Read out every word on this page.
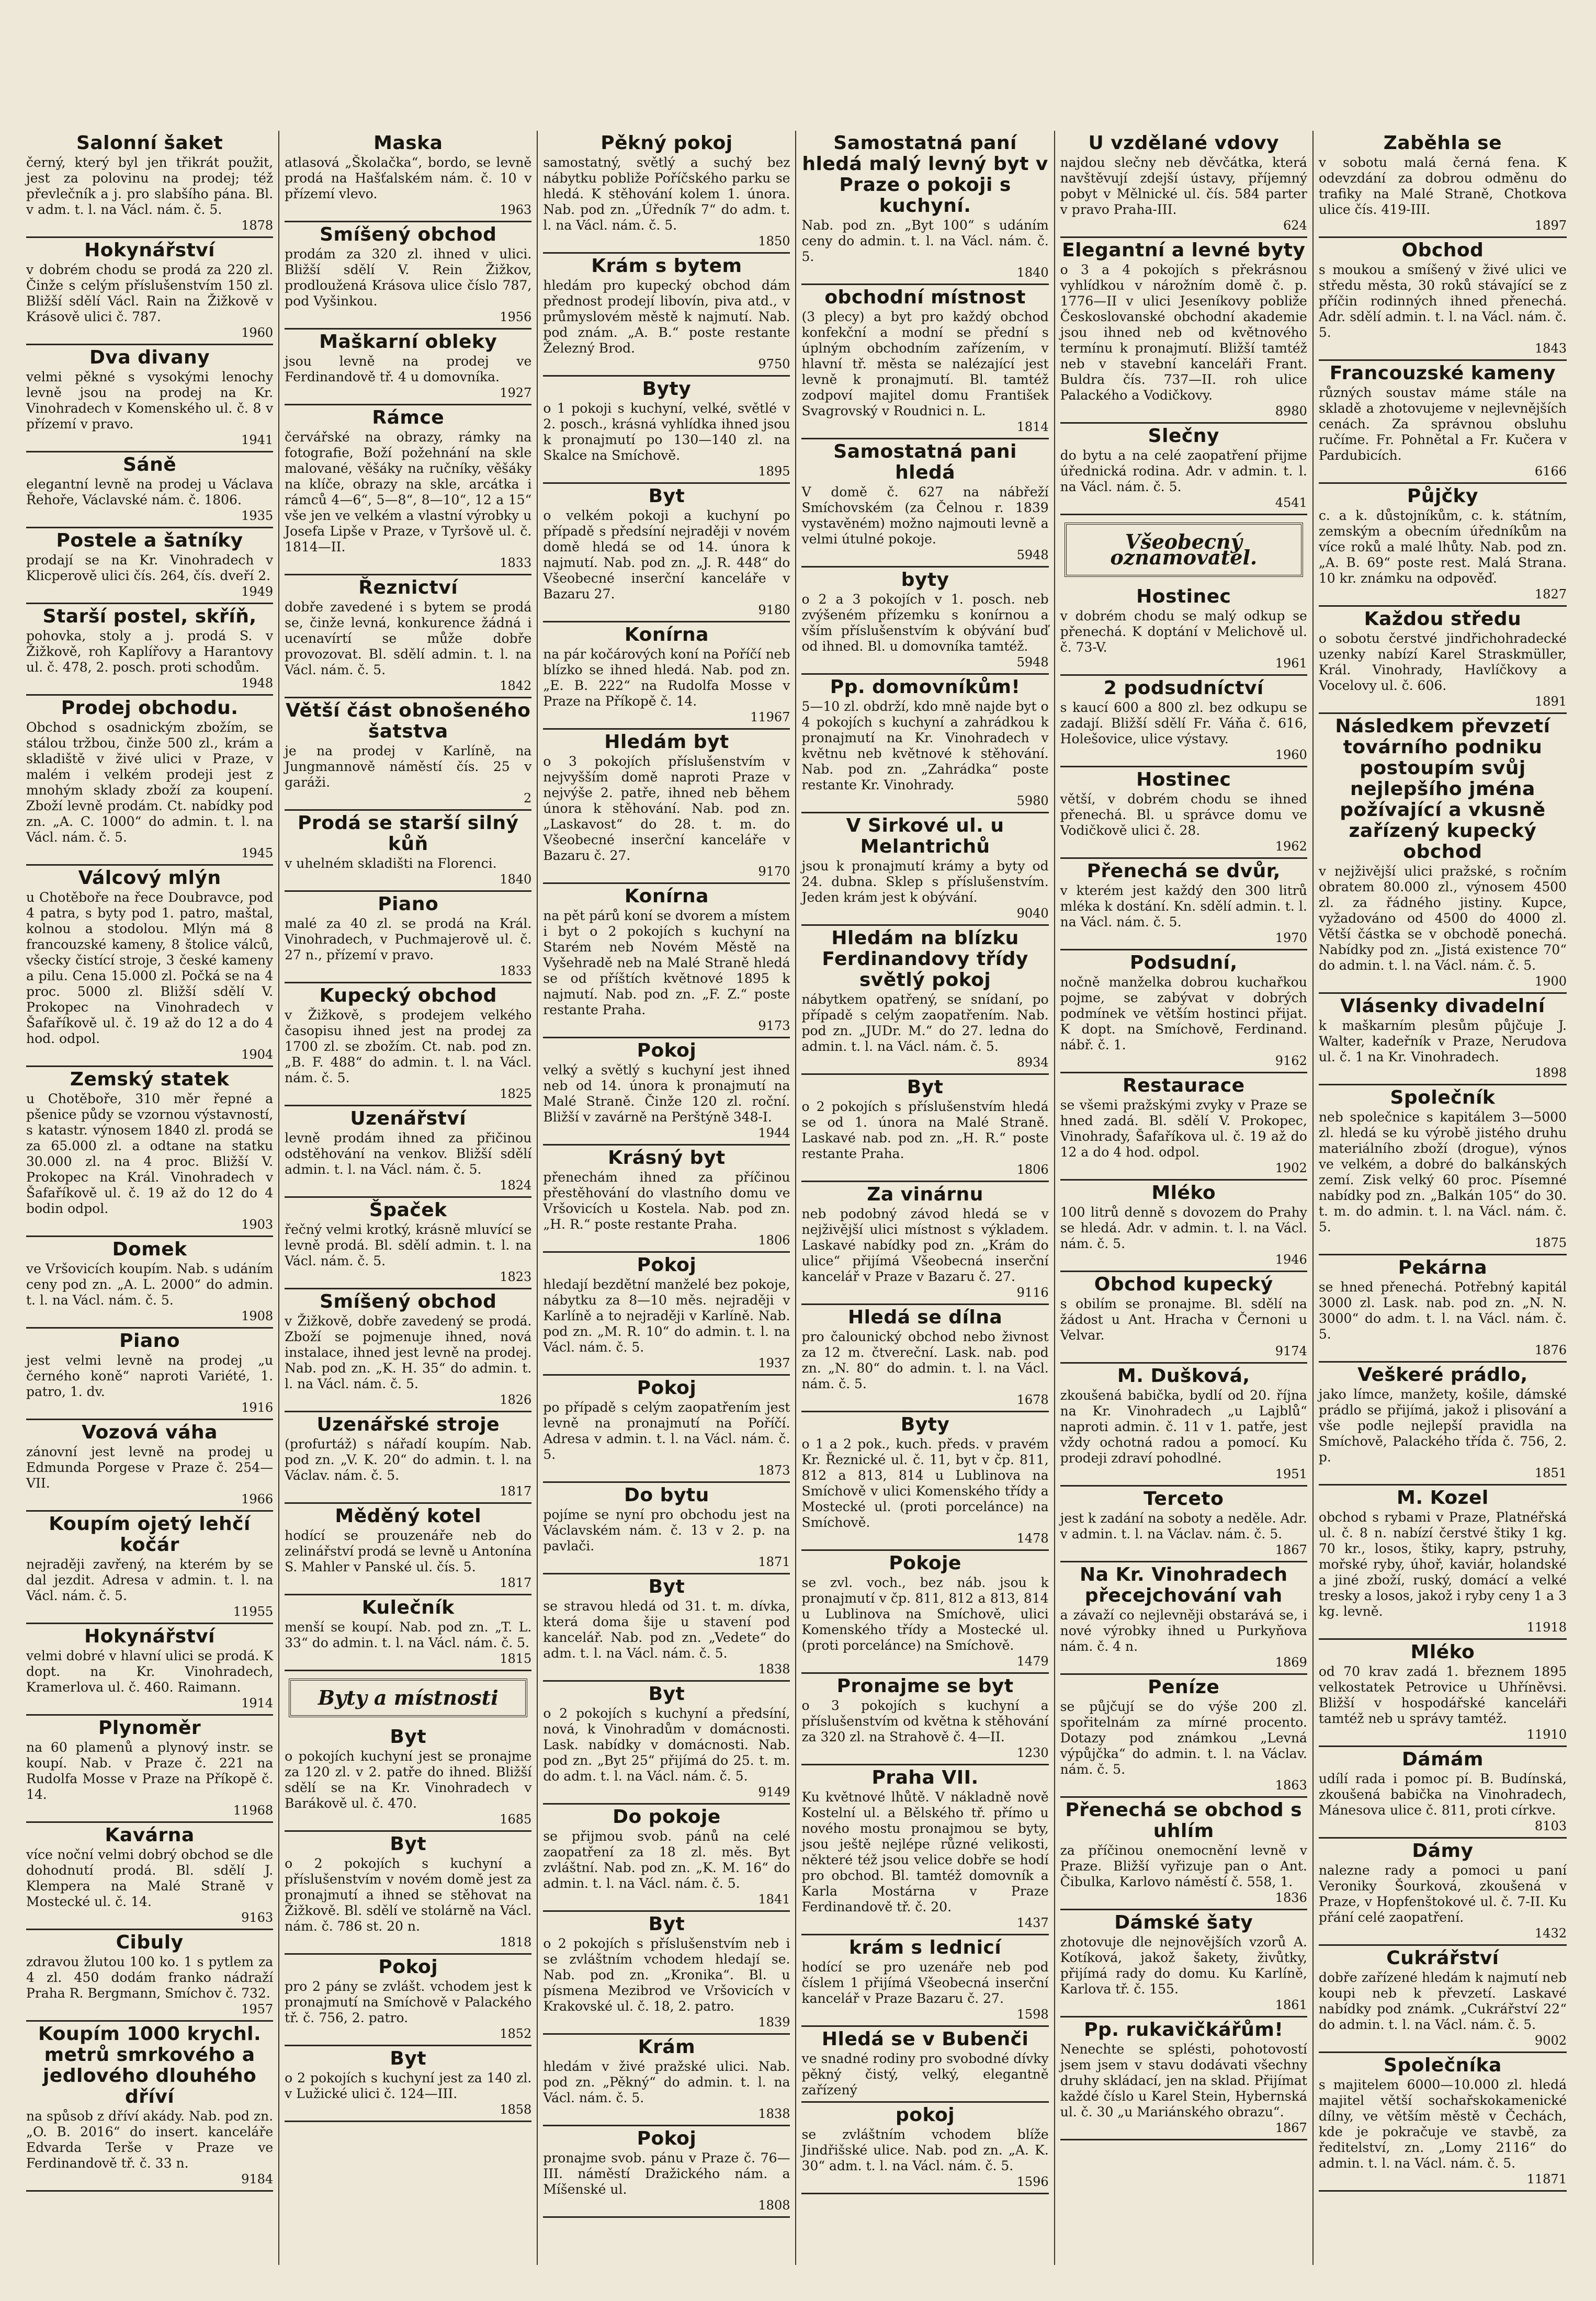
Salonní šaket

černý, který byl jen třikrát použit, jest za polovinu na prodej; též převlečník a j. pro slabšího pána. Bl. v adm. t. l. na Václ. nám. č. 5.

1878
Hokynářství

v dobrém chodu se prodá za 220 zl. Činže s celým příslušenstvím 150 zl. Bližší sdělí Václ. Rain na Žižkově v Krásově ulici č. 787.

1960
Dva divany

velmi pěkné s vysokými lenochy levně jsou na prodej na Kr. Vinohradech v Komenského ul. č. 8 v přízemí v pravo.

1941
Sáně

elegantní levně na prodej u Václava Řehoře, Václavské nám. č. 1806.

1935
Postele a šatníky

prodají se na Kr. Vinohradech v Klicperově ulici čís. 264, čís. dveří 2.

1949
Starší postel, skříň,

pohovka, stoly a j. prodá S. v Žižkově, roh Kaplířovy a Harantovy ul. č. 478, 2. posch. proti schodům.

1948
Prodej obchodu.

Obchod s osadnickým zbožím, se stálou tržbou, činže 500 zl., krám a skladiště v živé ulici v Praze, v malém i velkém prodeji jest z mnohým sklady zboží za koupení. Zboží levně prodám. Ct. nabídky pod zn. „A. C. 1000“ do admin. t. l. na Václ. nám. č. 5.

1945
Válcový mlýn

u Chotěboře na řece Doubravce, pod 4 patra, s byty pod 1. patro, maštal, kolnou a stodolou. Mlýn má 8 francouzské kameny, 8 štolice válců, všecky čistící stroje, 3 české kameny a pilu. Cena 15.000 zl. Počká se na 4 proc. 5000 zl. Bližší sdělí V. Prokopec na Vinohradech v Šafaříkově ul. č. 19 až do 12 a do 4 hod. odpol.

1904
Zemský statek

u Chotěboře, 310 měr řepné a pšenice půdy se vzornou výstavností, s katastr. výnosem 1840 zl. prodá se za 65.000 zl. a odtane na statku 30.000 zl. na 4 proc. Bližší V. Prokopec na Král. Vinohradech v Šafaříkově ul. č. 19 až do 12 do 4 bodin odpol.

1903
Domek

ve Vršovicích koupím. Nab. s udáním ceny pod zn. „A. L. 2000“ do admin. t. l. na Václ. nám. č. 5.

1908
Piano

jest velmi levně na prodej „u černého koně“ naproti Variété, 1. patro, 1. dv.

1916
Vozová váha

zánovní jest levně na prodej u Edmunda Porgese v Praze č. 254—VII.

1966
Koupím ojetý lehčí kočár

nejraději zavřený, na kterém by se dal jezdit. Adresa v admin. t. l. na Václ. nám. č. 5.

11955
Hokynářství

velmi dobré v hlavní ulici se prodá. K dopt. na Kr. Vinohradech, Kramerlova ul. č. 460. Raimann.

1914
Plynoměr

na 60 plamenů a plynový instr. se koupí. Nab. v Praze č. 221 na Rudolfa Mosse v Praze na Příkopě č. 14.

11968
Kavárna

více noční velmi dobrý obchod se dle dohodnutí prodá. Bl. sdělí J. Klempera na Malé Straně v Mostecké ul. č. 14.

9163
Cibuly

zdravou žlutou 100 ko. 1 s pytlem za 4 zl. 450 dodám franko nádraží Praha R. Bergmann, Smíchov č. 732.

1957
Koupím 1000 krychl. metrů smrkového a jedlového dlouhého dříví

na spůsob z dříví akády. Nab. pod zn. „O. B. 2016“ do insert. kanceláře Edvarda Terše v Praze ve Ferdinandově tř. č. 33 n.

9184
Maska

atlasová „Školačka“, bordo, se levně prodá na Hašťalském nám. č. 10 v přízemí vlevo.

1963
Smíšený obchod

prodám za 320 zl. ihned v ulici. Bližší sdělí V. Rein Žižkov, prodloužená Krásova ulice číslo 787, pod Vyšinkou.

1956
Maškarní obleky

jsou levně na prodej ve Ferdinandově tř. 4 u domovníka.

1927
Rámce

červářské na obrazy, rámky na fotografie, Boží požehnání na skle malované, věšáky na ručníky, věšáky na klíče, obrazy na skle, arcátka i rámců 4—6“, 5—8“, 8—10“, 12 a 15“ vše jen ve velkém a vlastní výrobky u Josefa Lipše v Praze, v Tyršově ul. č. 1814—II.

1833
Řeznictví

dobře zavedené i s bytem se prodá se, činže levná, konkurence žádná i ucenavírtí se může dobře provozovat. Bl. sdělí admin. t. l. na Václ. nám. č. 5.

1842
Větší část obnošeného šatstva

je na prodej v Karlíně, na Jungmannově náměstí čís. 25 v garáži.

2
Prodá se starší silný kůň

v uhelném skladišti na Florenci.

1840
Piano

malé za 40 zl. se prodá na Král. Vinohradech, v Puchmajerově ul. č. 27 n., přízemí v pravo.

1833
Kupecký obchod

v Žižkově, s prodejem velkého časopisu ihned jest na prodej za 1700 zl. se zbožím. Ct. nab. pod zn. „B. F. 488“ do admin. t. l. na Václ. nám. č. 5.

1825
Uzenářství

levně prodám ihned za přičinou odstěhování na venkov. Bližší sdělí admin. t. l. na Václ. nám. č. 5.

1824
Špaček

řečný velmi krotký, krásně mluvící se levně prodá. Bl. sdělí admin. t. l. na Václ. nám. č. 5.

1823
Smíšený obchod

v Žižkově, dobře zavedený se prodá. Zboží se pojmenuje ihned, nová instalace, ihned jest levně na prodej. Nab. pod zn. „K. H. 35“ do admin. t. l. na Václ. nám. č. 5.

1826
Uzenářské stroje

(profurtáž) s nářadí koupím. Nab. pod zn. „V. K. 20“ do admin. t. l. na Václav. nám. č. 5.

1817
Měděný kotel

hodící se prouzenáře neb do zelinářství prodá se levně u Antonína S. Mahler v Panské ul. čís. 5.

1817
Kulečník

menší se koupí. Nab. pod zn. „T. L. 33“ do admin. t. l. na Václ. nám. č. 5.

1815
Byty a místnosti
Byt

o pokojích kuchyní jest se pronajme za 120 zl. v 2. patře do ihned. Bližší sdělí se na Kr. Vinohradech v Barákově ul. č. 470.

1685
Byt

o 2 pokojích s kuchyní a příslušenstvím v novém domě jest za pronajmutí a ihned se stěhovat na Žižkově. Bl. sdělí ve stolárně na Václ. nám. č. 786 st. 20 n.

1818
Pokoj

pro 2 pány se zvlášt. vchodem jest k pronajmutí na Smíchově v Palackého tř. č. 756, 2. patro.

1852
Byt

o 2 pokojích s kuchyní jest za 140 zl. v Lužické ulici č. 124—III.

1858
Pěkný pokoj

samostatný, světlý a suchý bez nábytku pobliže Poříčského parku se hledá. K stěhování kolem 1. února. Nab. pod zn. „Úředník 7“ do adm. t. l. na Václ. nám. č. 5.

1850
Krám s bytem

hledám pro kupecký obchod dám přednost prodejí libovín, piva atd., v průmyslovém městě k najmutí. Nab. pod znám. „A. B.“ poste restante Železný Brod.

9750
Byty

o 1 pokoji s kuchyní, velké, světlé v 2. posch., krásná vyhlídka ihned jsou k pronajmutí po 130—140 zl. na Skalce na Smíchově.

1895
Byt

o velkém pokoji a kuchyní po případě s předsíní nejraději v novém domě hledá se od 14. února k najmutí. Nab. pod zn. „J. R. 448“ do Všeobecné inserční kanceláře v Bazaru 27.

9180
Konírna

na pár kočárových koní na Poříčí neb blízko se ihned hledá. Nab. pod zn. „E. B. 222“ na Rudolfa Mosse v Praze na Příkopě č. 14.

11967
Hledám byt

o 3 pokojích příslušenstvím v nejvyšším domě naproti Praze v nejvýše 2. patře, ihned neb během února k stěhování. Nab. pod zn. „Laskavost“ do 28. t. m. do Všeobecné inserční kanceláře v Bazaru č. 27.

9170
Konírna

na pět párů koní se dvorem a místem i byt o 2 pokojích s kuchyní na Starém neb Novém Městě na Vyšehradě neb na Malé Straně hledá se od příštích květnové 1895 k najmutí. Nab. pod zn. „F. Z.“ poste restante Praha.

9173
Pokoj

velký a světlý s kuchyní jest ihned neb od 14. února k pronajmutí na Malé Straně. Činže 120 zl. roční. Bližší v zavárně na Perštýně 348-I.

1944
Krásný byt

přenechám ihned za příčinou přestěhování do vlastního domu ve Vršovicích u Kostela. Nab. pod zn. „H. R.“ poste restante Praha.

1806
Pokoj

hledají bezdětní manželé bez pokoje, nábytku za 8—10 měs. nejraději v Karlíně a to nejraději v Karlíně. Nab. pod zn. „M. R. 10“ do admin. t. l. na Václ. nám. č. 5.

1937
Pokoj

po případě s celým zaopatřením jest levně na pronajmutí na Poříčí. Adresa v admin. t. l. na Václ. nám. č. 5.

1873
Do bytu

pojíme se nyní pro obchodu jest na Václavském nám. č. 13 v 2. p. na pavlači.

1871
Byt

se stravou hledá od 31. t. m. dívka, která doma šije u stavení pod kancelář. Nab. pod zn. „Vedete“ do adm. t. l. na Václ. nám. č. 5.

1838
Byt

o 2 pokojích s kuchyní a předsíní, nová, k Vinohradům v domácnosti. Lask. nabídky v domácnosti. Nab. pod zn. „Byt 25“ přijímá do 25. t. m. do adm. t. l. na Václ. nám. č. 5.

9149
Do pokoje

se přijmou svob. pánů na celé zaopatření za 18 zl. měs. Byt zvláštní. Nab. pod zn. „K. M. 16“ do admin. t. l. na Václ. nám. č. 5.

1841
Byt

o 2 pokojích s příslušenstvím neb i se zvláštním vchodem hledají se. Nab. pod zn. „Kronika“. Bl. u písmena Mezibrod ve Vršovicích v Krakovské ul. č. 18, 2. patro.

1839
Krám

hledám v živé pražské ulici. Nab. pod zn. „Pěkný“ do admin. t. l. na Václ. nám. č. 5.

1838
Pokoj

pronajme svob. pánu v Praze č. 76—III. náměstí Dražického nám. a Míšenské ul.

1808
Samostatná paní hledá malý levný byt v Praze o pokoji s kuchyní.

Nab. pod zn. „Byt 100“ s udáním ceny do admin. t. l. na Václ. nám. č. 5.

1840
obchodní místnost

(3 plecy) a byt pro každý obchod konfekční a modní se přední s úplným obchodním zařízením, v hlavní tř. města se nalézající jest levně k pronajmutí. Bl. tamtéž zodpoví majitel domu František Svagrovský v Roudnici n. L.

1814
Samostatná pani hledá

V domě č. 627 na nábřeží Smíchovském (za Čelnou r. 1839 vystavěném) možno najmouti levně a velmi útulné pokoje.

5948
byty

o 2 a 3 pokojích v 1. posch. neb zvýšeném přízemku s konírnou a vším příslušenstvím k obývání buď od ihned. Bl. u domovníka tamtéž.

5948
Pp. domovníkům!

5—10 zl. obdrží, kdo mně najde byt o 4 pokojích s kuchyní a zahrádkou k pronajmutí na Kr. Vinohradech v květnu neb květnové k stěhování. Nab. pod zn. „Zahrádka“ poste restante Kr. Vinohrady.

5980
V Sirkové ul. u Melantrichů

jsou k pronajmutí krámy a byty od 24. dubna. Sklep s příslušenstvím. Jeden krám jest k obývání.

9040
Hledám na blízku Ferdinandovy třídy světlý pokoj

nábytkem opatřený, se snídaní, po případě s celým zaopatřením. Nab. pod zn. „JUDr. M.“ do 27. ledna do admin. t. l. na Václ. nám. č. 5.

8934
Byt

o 2 pokojích s příslušenstvím hledá se od 1. února na Malé Straně. Laskavé nab. pod zn. „H. R.“ poste restante Praha.

1806
Za vinárnu

neb podobný závod hledá se v nejživější ulici místnost s výkladem. Laskavé nabídky pod zn. „Krám do ulice“ přijímá Všeobecná inserční kancelář v Praze v Bazaru č. 27.

9116
Hledá se dílna

pro čalounický obchod nebo živnost za 12 m. čtvereční. Lask. nab. pod zn. „N. 80“ do admin. t. l. na Václ. nám. č. 5.

1678
Byty

o 1 a 2 pok., kuch. předs. v pravém Kr. Řeznické ul. č. 11, byt v čp. 811, 812 a 813, 814 u Lublinova na Smíchově v ulici Komenského třídy a Mostecké ul. (proti porcelánce) na Smíchově.

1478
Pokoje

se zvl. voch., bez náb. jsou k pronajmutí v čp. 811, 812 a 813, 814 u Lublinova na Smíchově, ulici Komenského třídy a Mostecké ul. (proti porcelánce) na Smíchově.

1479
Pronajme se byt

o 3 pokojích s kuchyní a příslušenstvím od května k stěhování za 320 zl. na Strahově č. 4—II.

1230
Praha VII.

Ku květnové lhůtě. V nákladně nově Kostelní ul. a Bělského tř. přímo u nového mostu pronajmou se byty, jsou ještě nejlépe různé velikosti, některé též jsou velice dobře se hodí pro obchod. Bl. tamtéž domovník a Karla Mostárna v Praze Ferdinandově tř. č. 20.

1437
krám s lednicí

hodící se pro uzenáře neb pod číslem 1 přijímá Všeobecná inserční kancelář v Praze Bazaru č. 27.

1598
Hledá se v Bubenči

ve snadné rodiny pro svobodné dívky pěkný čistý, velký, elegantně zařízený

pokoj

se zvláštním vchodem blíže Jindřišské ulice. Nab. pod zn. „A. K. 30“ adm. t. l. na Václ. nám. č. 5.

1596
U vzdělané vdovy

najdou slečny neb děvčátka, která navštěvují zdejší ústavy, příjemný pobyt v Mělnické ul. čís. 584 parter v pravo Praha-III.

624
Elegantní a levné byty

o 3 a 4 pokojích s překrásnou vyhlídkou v nárožním domě č. p. 1776—II v ulici Jeseníkovy pobliže Českoslovanské obchodní akademie jsou ihned neb od květnového termínu k pronajmutí. Bližší tamtéž neb v stavební kanceláři Frant. Buldra čís. 737—II. roh ulice Palackého a Vodičkovy.

8980
Slečny

do bytu a na celé zaopatření přijme úřednická rodina. Adr. v admin. t. l. na Václ. nám. č. 5.

4541
Všeobecný oznamovatel.
Hostinec

v dobrém chodu se malý odkup se přenechá. K doptání v Melichově ul. č. 73-V.

1961
2 podsudníctví

s kaucí 600 a 800 zl. bez odkupu se zadají. Bližší sdělí Fr. Váňa č. 616, Holešovice, ulice výstavy.

1960
Hostinec

větší, v dobrém chodu se ihned přenechá. Bl. u správce domu ve Vodičkově ulici č. 28.

1962
Přenechá se dvůr,

v kterém jest každý den 300 litrů mléka k dostání. Kn. sdělí admin. t. l. na Václ. nám. č. 5.

1970
Podsudní,

nočně manželka dobrou kuchařkou pojme, se zabývat v dobrých podmínek ve větším hostinci přijat. K dopt. na Smíchově, Ferdinand. nábř. č. 1.

9162
Restaurace

se všemi pražskými zvyky v Praze se hned zadá. Bl. sdělí V. Prokopec, Vinohrady, Šafaříkova ul. č. 19 až do 12 a do 4 hod. odpol.

1902
Mléko

100 litrů denně s dovozem do Prahy se hledá. Adr. v admin. t. l. na Václ. nám. č. 5.

1946
Obchod kupecký

s obilím se pronajme. Bl. sdělí na žádost u Ant. Hracha v Černoni u Velvar.

9174
M. Dušková,

zkoušená babička, bydlí od 20. října na Kr. Vinohradech „u Lajblů“ naproti admin. č. 11 v 1. patře, jest vždy ochotná radou a pomocí. Ku prodeji zdraví pohodlné.

1951
Terceto

jest k zadání na soboty a neděle. Adr. v admin. t. l. na Václav. nám. č. 5.

1867
Na Kr. Vinohradech přecejchování vah

a závaží co nejlevněji obstarává se, i nové výrobky ihned u Purkyňova nám. č. 4 n.

1869
Peníze

se půjčují se do výše 200 zl. spořitelnám za mírné procento. Dotazy pod známkou „Levná výpůjčka“ do admin. t. l. na Václav. nám. č. 5.

1863
Přenechá se obchod s uhlím

za příčinou onemocnění levně v Praze. Bližší vyřizuje pan o Ant. Čibulka, Karlovo náměstí č. 558, 1.

1836
Dámské šaty

zhotovuje dle nejnovějších vzorů A. Kotíková, jakož šakety, živůtky, přijímá rady do domu. Ku Karlíně, Karlova tř. č. 155.

1861
Pp. rukavičkářům!

Nenechte se splésti, pohotovostí jsem jsem v stavu dodávati všechny druhy skládací, jen na sklad. Přijímat každé číslo u Karel Stein, Hybernská ul. č. 30 „u Mariánského obrazu“.

1867
Zaběhla se

v sobotu malá černá fena. K odevzdání za dobrou odměnu do trafiky na Malé Straně, Chotkova ulice čís. 419-III.

1897
Obchod

s moukou a smíšený v živé ulici ve středu města, 30 roků stávající se z příčin rodinných ihned přenechá. Adr. sdělí admin. t. l. na Václ. nám. č. 5.

1843
Francouzské kameny

různých soustav máme stále na skladě a zhotovujeme v nejlevnějších cenách. Za správnou obsluhu ručíme. Fr. Pohnětal a Fr. Kučera v Pardubicích.

6166
Půjčky

c. a k. důstojníkům, c. k. státním, zemským a obecním úředníkům na více roků a malé lhůty. Nab. pod zn. „A. B. 69“ poste rest. Malá Strana. 10 kr. známku na odpověď.

1827
Každou středu

o sobotu čerstvé jindřichohradecké uzenky nabízí Karel Straskmüller, Král. Vinohrady, Havlíčkovy a Vocelovy ul. č. 606.

1891
Následkem převzetí továrního podniku postoupím svůj nejlepšího jména požívající a vkusně zařízený kupecký obchod

v nejživější ulici pražské, s ročním obratem 80.000 zl., výnosem 4500 zl. za řádného jistiny. Kupce, vyžadováno od 4500 do 4000 zl. Větší částka se v obchodě ponechá. Nabídky pod zn. „Jistá existence 70“ do admin. t. l. na Václ. nám. č. 5.

1900
Vlásenky divadelní

k maškarním plesům půjčuje J. Walter, kadeřník v Praze, Nerudova ul. č. 1 na Kr. Vinohradech.

1898
Společník

neb společnice s kapitálem 3—5000 zl. hledá se ku výrobě jistého druhu materiálního zboží (drogue), výnos ve velkém, a dobré do balkánských zemí. Zisk velký 60 proc. Písemné nabídky pod zn. „Balkán 105“ do 30. t. m. do admin. t. l. na Václ. nám. č. 5.

1875
Pekárna

se hned přenechá. Potřebný kapitál 3000 zl. Lask. nab. pod zn. „N. N. 3000“ do adm. t. l. na Václ. nám. č. 5.

1876
Veškeré prádlo,

jako límce, manžety, košile, dámské prádlo se přijímá, jakož i plisování a vše podle nejlepší pravidla na Smíchově, Palackého třída č. 756, 2. p.

1851
M. Kozel

obchod s rybami v Praze, Platnéřská ul. č. 8 n. nabízí čerstvé štiky 1 kg. 70 kr., losos, štiky, kapry, pstruhy, mořské ryby, úhoř, kaviár, holandské a jiné zboží, ruský, domácí a velké tresky a losos, jakož i ryby ceny 1 a 3 kg. levně.

11918
Mléko

od 70 krav zadá 1. březnem 1895 velkostatek Petrovice u Uhříněvsi. Bližší v hospodářské kanceláři tamtéž neb u správy tamtéž.

11910
Dámám

udílí rada i pomoc pí. B. Budínská, zkoušená babička na Vinohradech, Mánesova ulice č. 811, proti církve.

8103
Dámy

nalezne rady a pomoci u paní Veroniky Šourková, zkoušená v Praze, v Hopfenštokové ul. č. 7-II. Ku přání celé zaopatření.

1432
Cukrářství

dobře zařízené hledám k najmutí neb koupi neb k převzetí. Laskavé nabídky pod známk. „Cukrářství 22“ do admin. t. l. na Václ. nám. č. 5.

9002
Společníka

s majitelem 6000—10.000 zl. hledá majitel větší sochařskokamenické dílny, ve větším městě v Čechách, kde je pokračuje ve stavbě, za ředitelství, zn. „Lomy 2116“ do admin. t. l. na Václ. nám. č. 5.

11871
